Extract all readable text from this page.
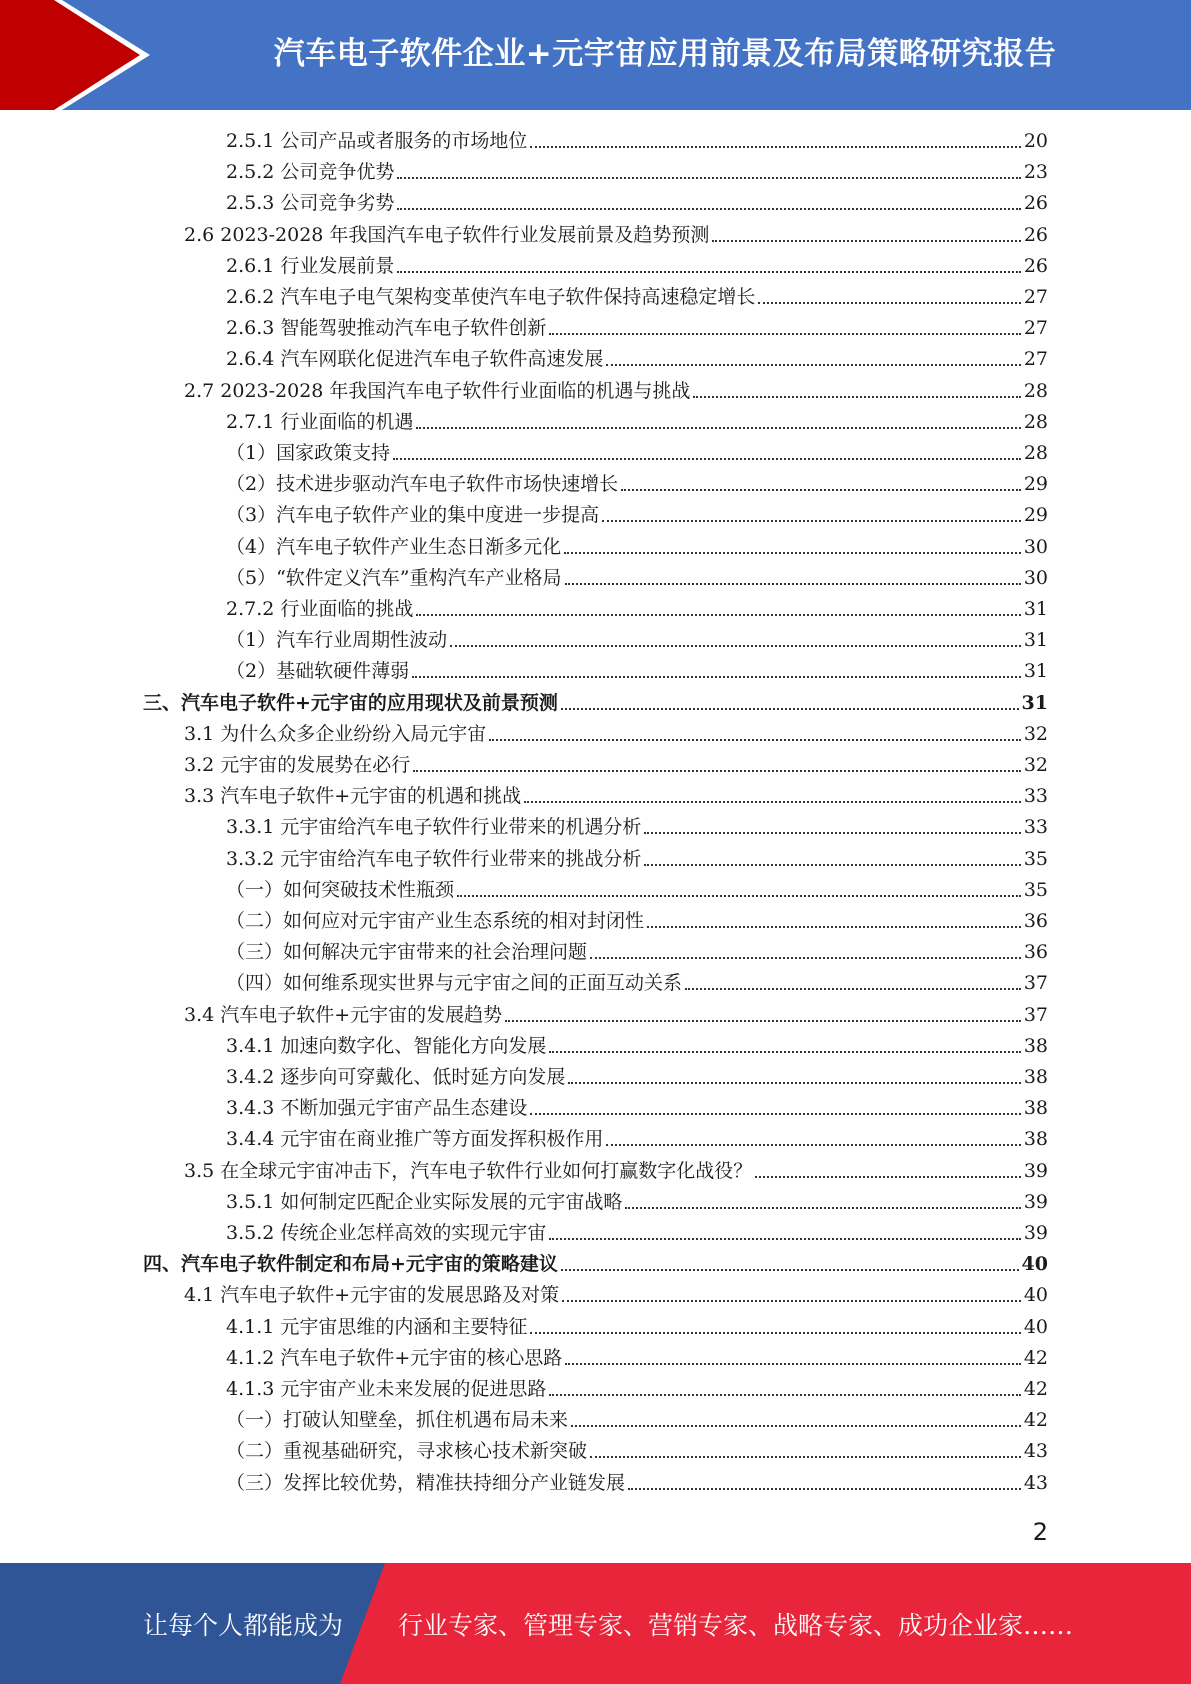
汽车电子软件企业+元宇宙应用前景及布局策略研究报告
2.5.1 公司产品或者服务的市场地位	20
2.5.2 公司竞争优势	23
2.5.3 公司竞争劣势	26
2.6 2023-2028 年我国汽车电子软件行业发展前景及趋势预测	26
2.6.1 行业发展前景	26
2.6.2 汽车电子电气架构变革使汽车电子软件保持高速稳定增长	27
2.6.3 智能驾驶推动汽车电子软件创新	27
2.6.4 汽车网联化促进汽车电子软件高速发展	27
2.7 2023-2028 年我国汽车电子软件行业面临的机遇与挑战	28
2.7.1 行业面临的机遇	28
（1） 国家政策支持	28
（2） 技术进步驱动汽车电子软件市场快速增长	29
（3） 汽车电子软件产业的集中度进一步提高	29
（4） 汽车电子软件产业生态日渐多元化	30
（5） “软件定义汽车”重构汽车产业格局	30
2.7.2 行业面临的挑战	31
（1） 汽车行业周期性波动	31
（2） 基础软硬件薄弱	31
三、 汽车电子软件+元宇宙的应用现状及前景预测	31
3.1 为什么众多企业纷纷入局元宇宙	32
3.2 元宇宙的发展势在必行	32
3.3 汽车电子软件+元宇宙的机遇和挑战	33
3.3.1 元宇宙给汽车电子软件行业带来的机遇分析	33
3.3.2 元宇宙给汽车电子软件行业带来的挑战分析	35
（一） 如何突破技术性瓶颈	35
（二） 如何应对元宇宙产业生态系统的相对封闭性	36
（三） 如何解决元宇宙带来的社会治理问题	36
（四） 如何维系现实世界与元宇宙之间的正面互动关系	37
3.4 汽车电子软件+元宇宙的发展趋势	37
3.4.1 加速向数字化、智能化方向发展	38
3.4.2 逐步向可穿戴化、低时延方向发展	38
3.4.3 不断加强元宇宙产品生态建设	38
3.4.4 元宇宙在商业推广等方面发挥积极作用	38
3.5 在全球元宇宙冲击下，汽车电子软件行业如何打赢数字化战役？	39
3.5.1 如何制定匹配企业实际发展的元宇宙战略	39
3.5.2 传统企业怎样高效的实现元宇宙	39
四、 汽车电子软件制定和布局+元宇宙的策略建议	40
4.1 汽车电子软件+元宇宙的发展思路及对策	40
4.1.1 元宇宙思维的内涵和主要特征	40
4.1.2 汽车电子软件+元宇宙的核心思路	42
4.1.3 元宇宙产业未来发展的促进思路	42
（一） 打破认知壁垒，抓住机遇布局未来	42
（二） 重视基础研究，寻求核心技术新突破	43
（三） 发挥比较优势，精准扶持细分产业链发展	43
2
让每个人都能成为 行业专家、管理专家、营销专家、战略专家、成功企业家……
